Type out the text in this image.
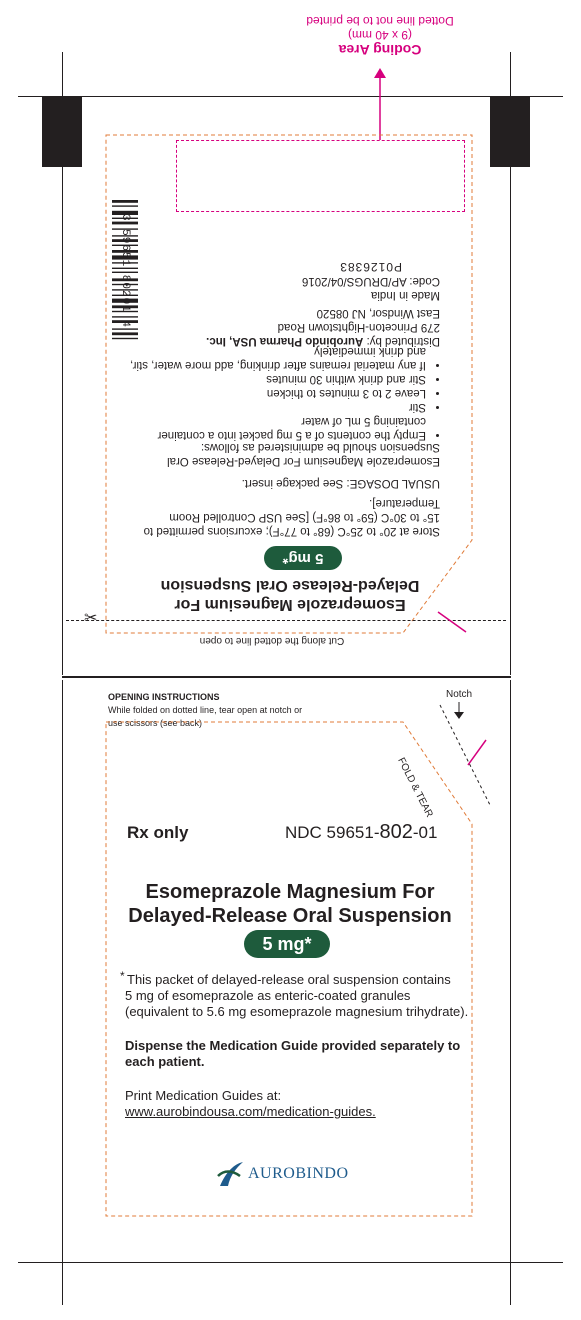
Coding Area
(9 x 40 mm)
Dotted line not to be printed
3 59651 80201 4
Cut along the dotted line to open
Esomeprazole Magnesium For
Delayed-Release Oral Suspension
5 mg*
Store at 20° to 25°C (68° to 77°F); excursions permitted to 15° to 30°C (59° to 86°F) [See USP Controlled Room Temperature].
USUAL DOSAGE: See package insert.
Esomeprazole Magnesium For Delayed-Release Oral Suspension should be administered as follows:
• Empty the contents of a 5 mg packet into a container containing 5 mL of water
• Stir
• Leave 2 to 3 minutes to thicken
• Stir and drink within 30 minutes
• If any material remains after drinking, add more water, stir, and drink immediately
Distributed by: Aurobindo Pharma USA, Inc.
279 Princeton-Hightstown Road
East Windsor, NJ 08520
Made in India
Code: AP/DRUGS/04/2016
P0126383
✂
OPENING INSTRUCTIONS
While folded on dotted line, tear open at notch or
use scissors (see back)
Notch
FOLD & TEAR
Rx only	NDC 59651-802-01
Esomeprazole Magnesium For
Delayed-Release Oral Suspension
5 mg*
* This packet of delayed-release oral suspension contains
5 mg of esomeprazole as enteric-coated granules
(equivalent to 5.6 mg esomeprazole magnesium trihydrate).
Dispense the Medication Guide provided separately to
each patient.
Print Medication Guides at:
www.aurobindousa.com/medication-guides.
AUROBINDO
